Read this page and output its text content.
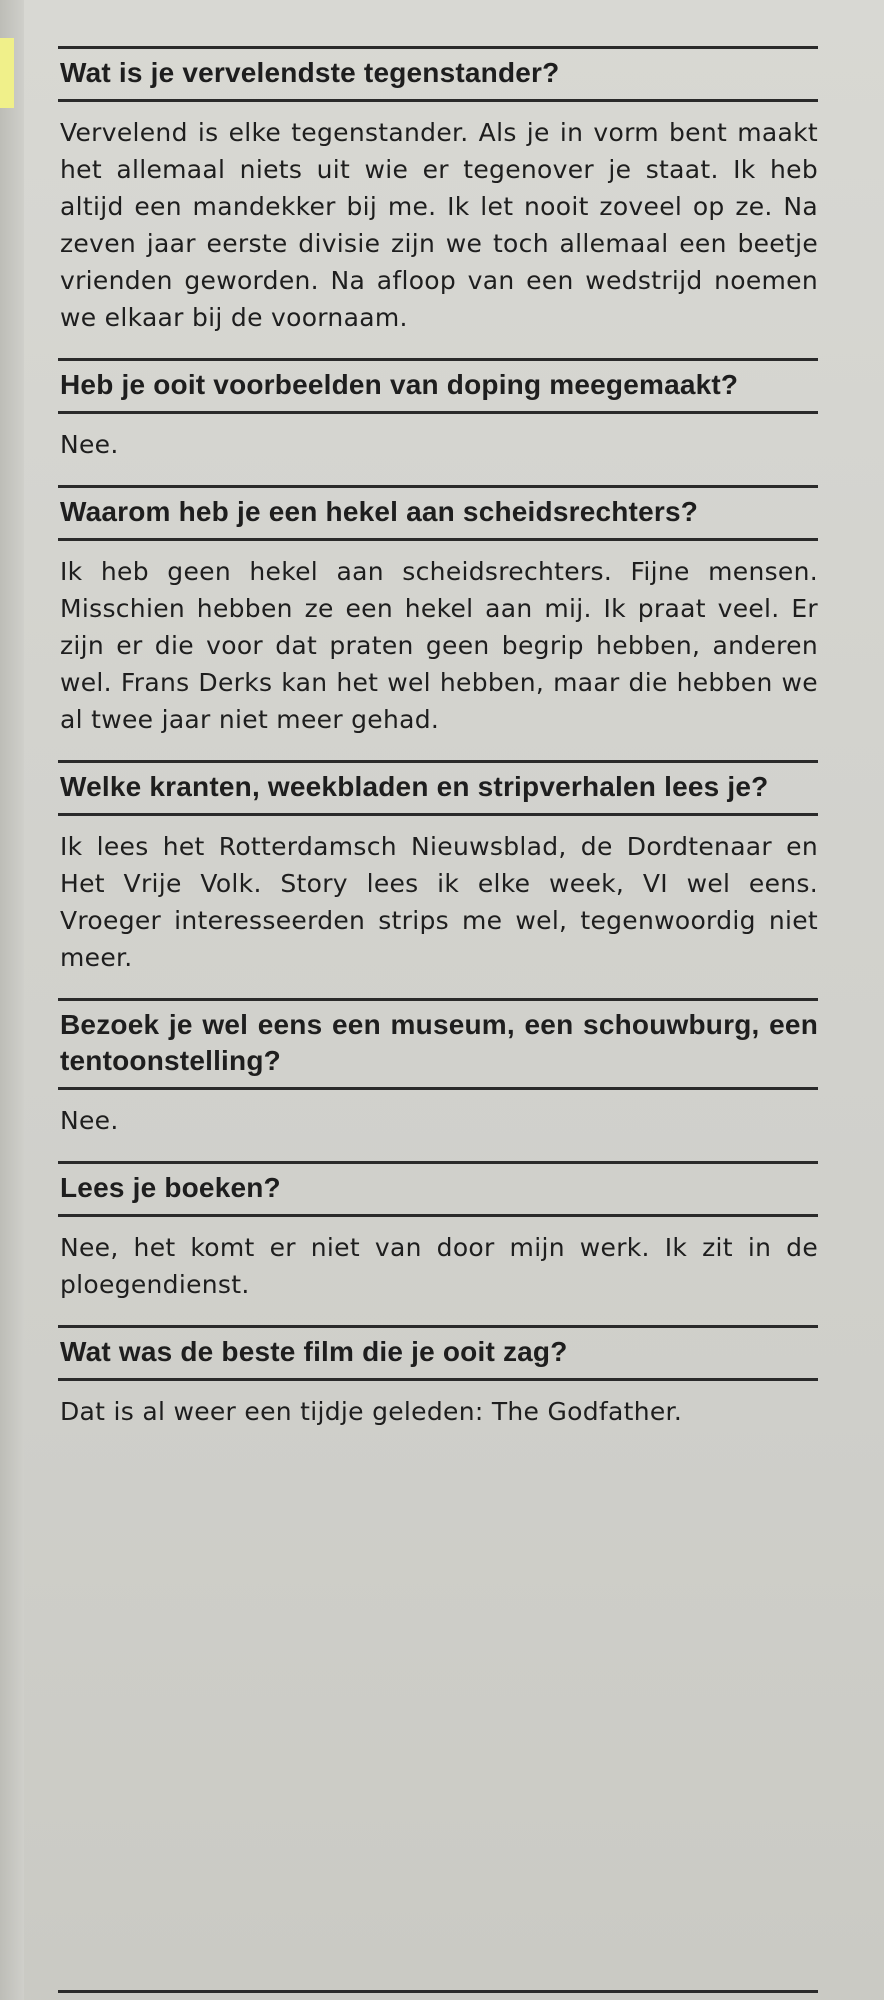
Wat is je vervelendste tegenstander?
Vervelend is elke tegenstander. Als je in vorm bent maakt het allemaal niets uit wie er tegenover je staat. Ik heb altijd een mandekker bij me. Ik let nooit zoveel op ze. Na zeven jaar eerste divisie zijn we toch allemaal een beetje vrienden geworden. Na afloop van een wedstrijd noemen we elkaar bij de voornaam.
Heb je ooit voorbeelden van doping meegemaakt?
Nee.
Waarom heb je een hekel aan scheidsrechters?
Ik heb geen hekel aan scheidsrechters. Fijne mensen. Misschien hebben ze een hekel aan mij. Ik praat veel. Er zijn er die voor dat praten geen begrip hebben, anderen wel. Frans Derks kan het wel hebben, maar die hebben we al twee jaar niet meer gehad.
Welke kranten, weekbladen en stripverhalen lees je?
Ik lees het Rotterdamsch Nieuwsblad, de Dordtenaar en Het Vrije Volk. Story lees ik elke week, VI wel eens. Vroeger interesseerden strips me wel, tegenwoordig niet meer.
Bezoek je wel eens een museum, een schouwburg, een tentoonstelling?
Nee.
Lees je boeken?
Nee, het komt er niet van door mijn werk. Ik zit in de ploegendienst.
Wat was de beste film die je ooit zag?
Dat is al weer een tijdje geleden: The Godfather.
